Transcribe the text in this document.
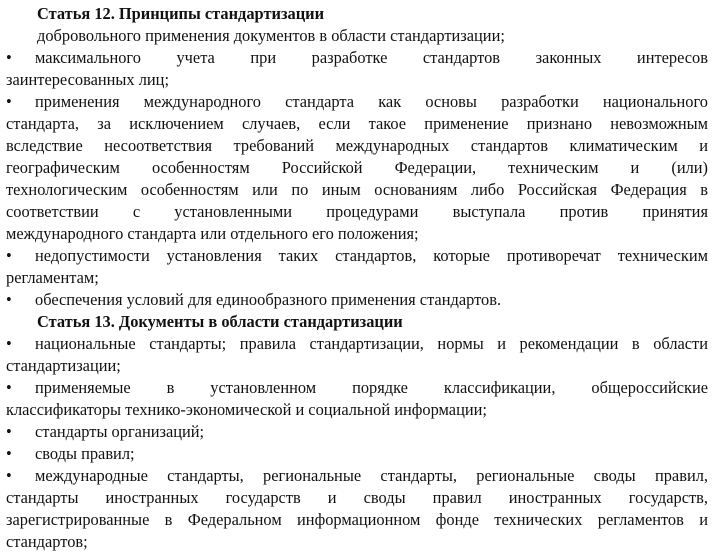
Статья 12. Принципы стандартизации
добровольного применения документов в области стандартизации;
• максимального учета при разработке стандартов законных интересов
заинтересованных лиц;
• применения международного стандарта как основы разработки национального
стандарта, за исключением случаев, если такое применение признано невозможным
вследствие несоответствия требований международных стандартов климатическим и
географическим особенностям Российской Федерации, техническим и (или)
технологическим особенностям или по иным основаниям либо Российская Федерация в
соответствии с установленными процедурами выступала против принятия
международного стандарта или отдельного его положения;
• недопустимости установления таких стандартов, которые противоречат техническим
регламентам;
• обеспечения условий для единообразного применения стандартов.
Статья 13. Документы в области стандартизации
• национальные стандарты; правила стандартизации, нормы и рекомендации в области
стандартизации;
• применяемые в установленном порядке классификации, общероссийские
классификаторы технико-экономической и социальной информации;
• стандарты организаций;
• своды правил;
• международные стандарты, региональные стандарты, региональные своды правил,
стандарты иностранных государств и своды правил иностранных государств,
зарегистрированные в Федеральном информационном фонде технических регламентов и
стандартов;
